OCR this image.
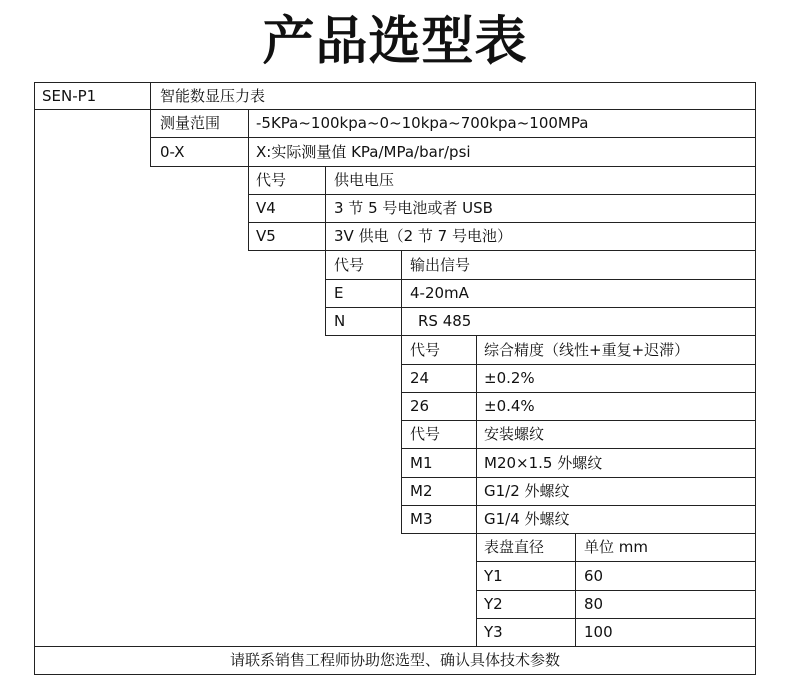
产品选型表
SEN-P1	智能数显压力表
测量范围 -5KPa~100kpa~0~10kpa~700kpa~100MPa
0-X	X:实际测量值 KPa/MPa/bar/psi
代号	供电电压
V4	3 节 5 号电池或者 USB
V5	3V 供电（2 节 7 号电池）
代号	输出信号
E	4-20mA
N	RS 485
代号	综合精度（线性+重复+迟滞）
24	±0.2%
26	±0.4%
代号	安装螺纹
M1	M20×1.5 外螺纹
M2	G1/2 外螺纹
M3	G1/4 外螺纹
表盘直径	单位 mm
Y1	60
Y2	80
Y3	100
请联系销售工程师协助您选型、确认具体技术参数
